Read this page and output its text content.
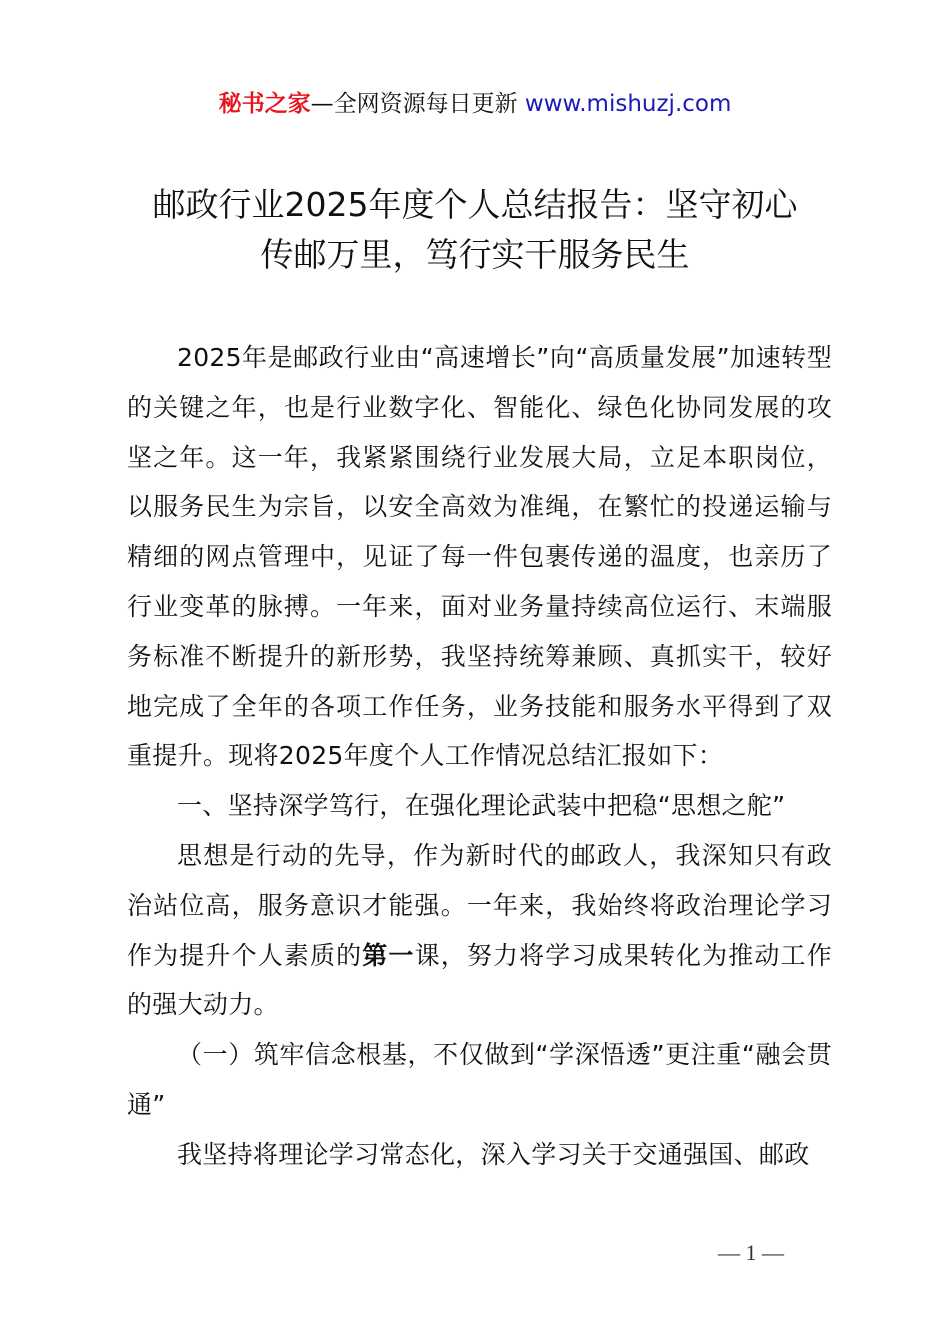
秘书之家—全网资源每日更新 www.mishuzj.com
邮政行业2025年度个人总结报告：坚守初心
传邮万里，笃行实干服务民生

2025年是邮政行业由“高速增长”向“高质量发展”加速转型的关键之年，也是行业数字化、智能化、绿色化协同发展的攻坚之年。这一年，我紧紧围绕行业发展大局，立足本职岗位，以服务民生为宗旨，以安全高效为准绳，在繁忙的投递运输与精细的网点管理中，见证了每一件包裹传递的温度，也亲历了行业变革的脉搏。一年来，面对业务量持续高位运行、末端服务标准不断提升的新形势，我坚持统筹兼顾、真抓实干，较好地完成了全年的各项工作任务，业务技能和服务水平得到了双重提升。现将2025年度个人工作情况总结汇报如下：

一、坚持深学笃行，在强化理论武装中把稳“思想之舵”

思想是行动的先导，作为新时代的邮政人，我深知只有政治站位高，服务意识才能强。一年来，我始终将政治理论学习作为提升个人素质的第一课，努力将学习成果转化为推动工作的强大动力。

（一）筑牢信念根基，不仅做到“学深悟透”更注重“融会贯通”

我坚持将理论学习常态化，深入学习关于交通强国、邮政

— 1 —
